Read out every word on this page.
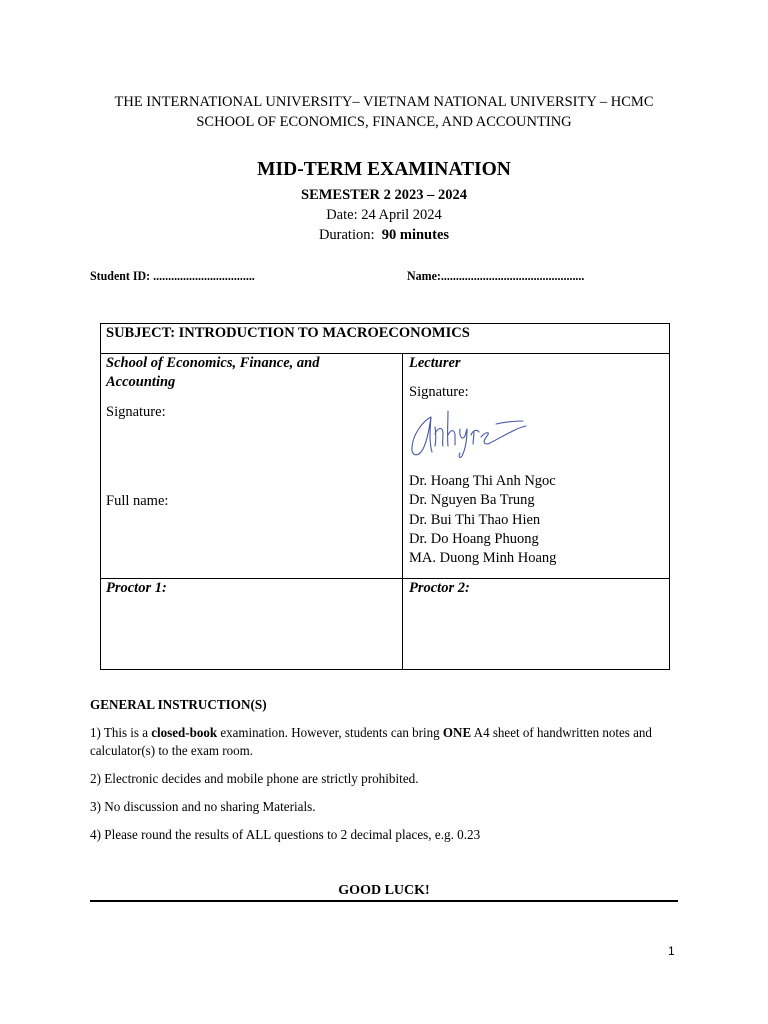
THE INTERNATIONAL UNIVERSITY– VIETNAM NATIONAL UNIVERSITY – HCMC
SCHOOL OF ECONOMICS, FINANCE, AND ACCOUNTING
MID-TERM EXAMINATION
SEMESTER 2 2023 – 2024
Date: 24 April 2024
Duration: 90 minutes
Student ID: ..................................	Name:................................................
SUBJECT: INTRODUCTION TO MACROECONOMICS
School of Economics, Finance, and
Accounting
Signature:
Full name:
Lecturer
Signature:
Dr. Hoang Thi Anh Ngoc
Dr. Nguyen Ba Trung
Dr. Bui Thi Thao Hien
Dr. Do Hoang Phuong
MA. Duong Minh Hoang
Proctor 1:	Proctor 2:
GENERAL INSTRUCTION(S)

1) This is a closed-book examination. However, students can bring ONE A4 sheet of handwritten notes and calculator(s) to the exam room.

2) Electronic decides and mobile phone are strictly prohibited.
3) No discussion and no sharing Materials.
4) Please round the results of ALL questions to 2 decimal places, e.g. 0.23
GOOD LUCK!
1
